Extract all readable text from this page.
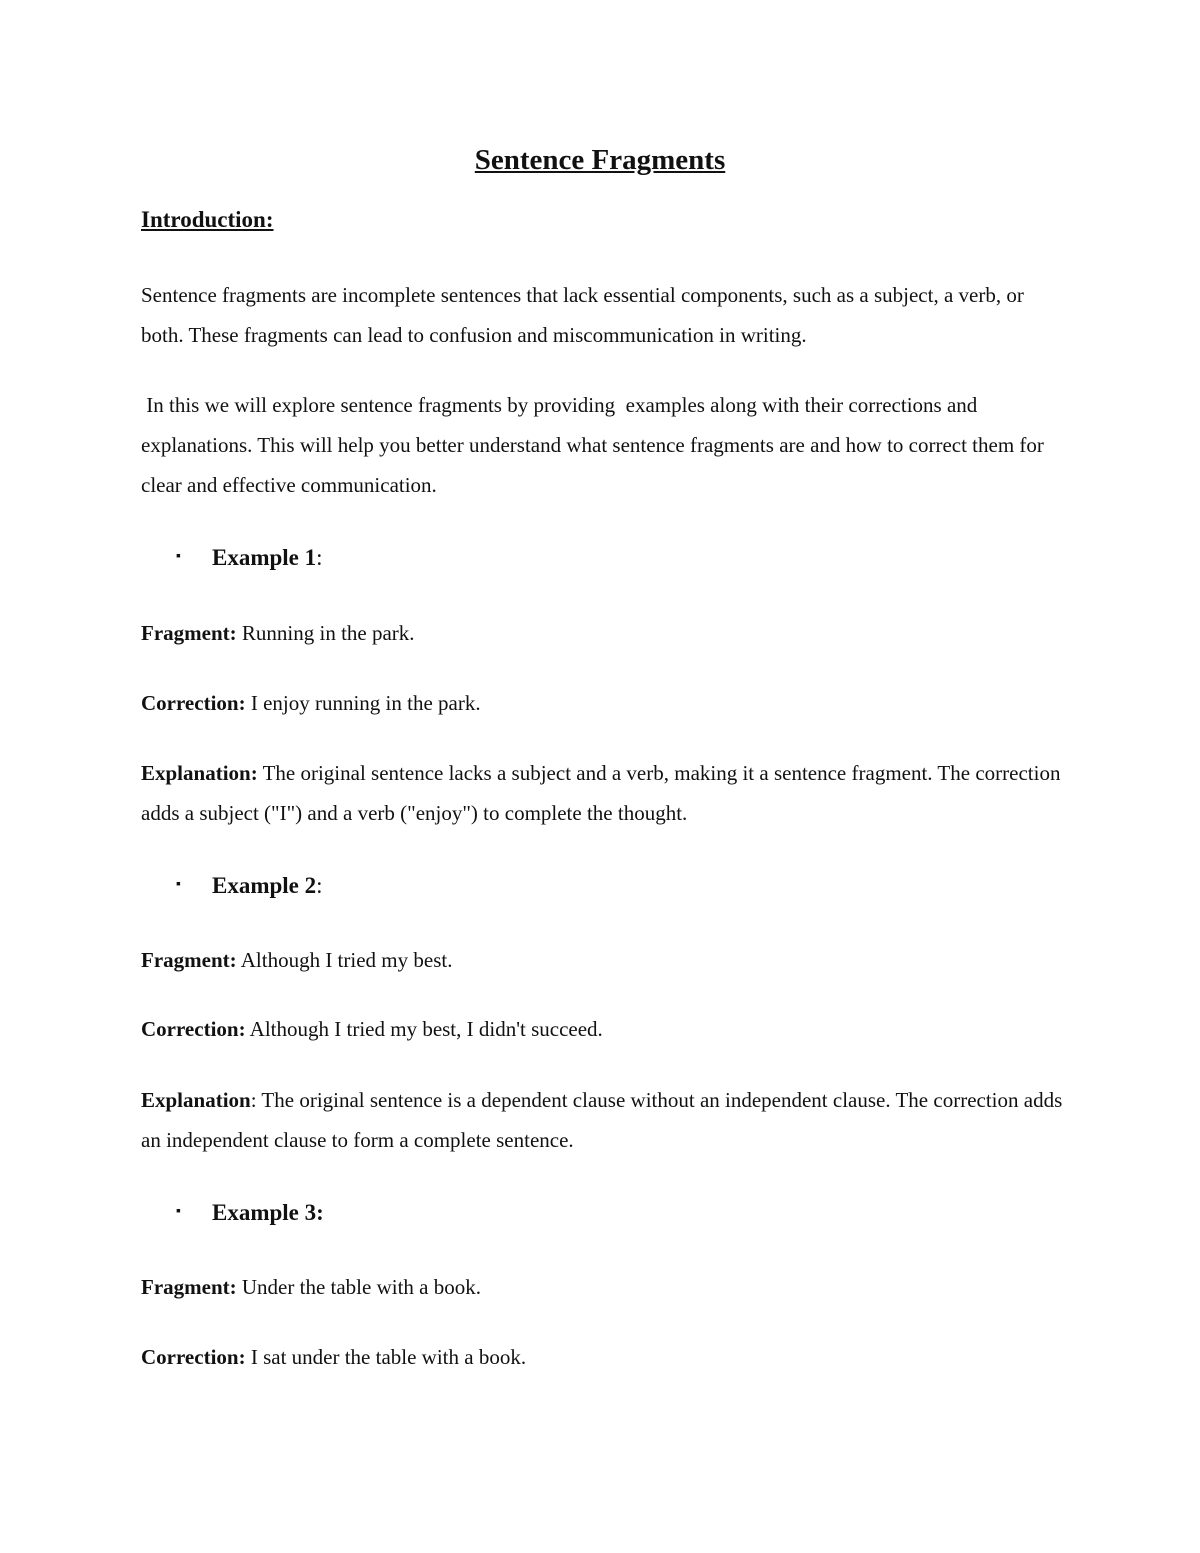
Sentence Fragments
Introduction:

Sentence fragments are incomplete sentences that lack essential components, such as a subject, a verb, or both. These fragments can lead to confusion and miscommunication in writing.

In this we will explore sentence fragments by providing  examples along with their corrections and explanations. This will help you better understand what sentence fragments are and how to correct them for clear and effective communication.

▪ Example 1:

Fragment: Running in the park.

Correction: I enjoy running in the park.

Explanation: The original sentence lacks a subject and a verb, making it a sentence fragment. The correction adds a subject ("I") and a verb ("enjoy") to complete the thought.

▪ Example 2:

Fragment: Although I tried my best.

Correction: Although I tried my best, I didn't succeed.

Explanation: The original sentence is a dependent clause without an independent clause. The correction adds an independent clause to form a complete sentence.

▪ Example 3:

Fragment: Under the table with a book.

Correction: I sat under the table with a book.
